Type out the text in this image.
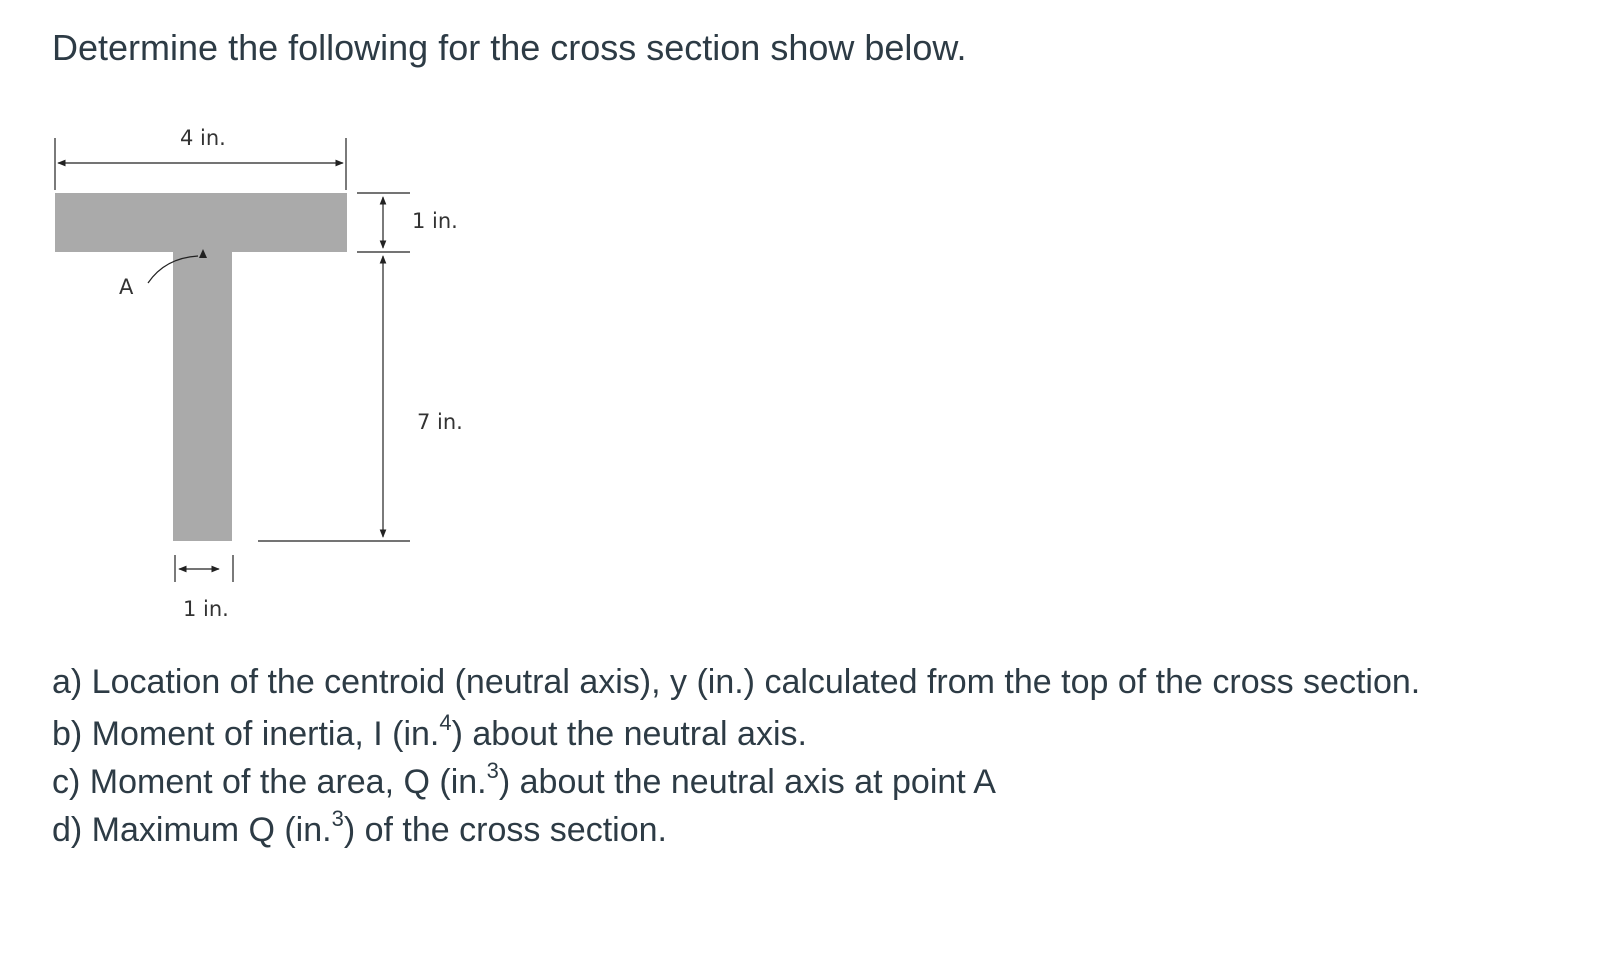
Determine the following for the cross section show below.
4 in.
1 in.
7 in.
1 in.
A

a) Location of the centroid (neutral axis), y (in.) calculated from the top of the cross section.

b) Moment of inertia, I (in.$^4$) about the neutral axis.

c) Moment of the area, Q (in.$^3$) about the neutral axis at point A

d) Maximum Q (in.$^3$) of the cross section.
